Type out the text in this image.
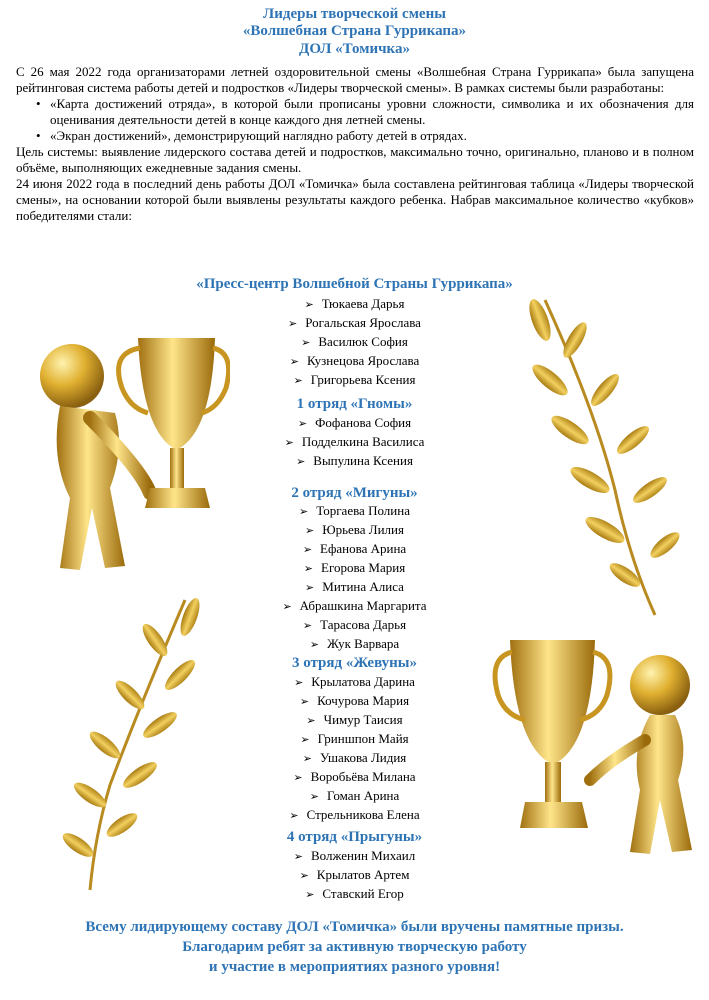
Лидеры творческой смены
«Волшебная Страна Гуррикапа»
ДОЛ «Томичка»

С 26 мая 2022 года организаторами летней оздоровительной смены «Волшебная Страна Гуррикапа» была запущена рейтинговая система работы детей и подростков «Лидеры творческой смены». В рамках системы были разработаны:

• «Карта достижений отряда», в которой были прописаны уровни сложности, символика и их обозначения для оценивания деятельности детей в конце каждого дня летней смены.
• «Экран достижений», демонстрирующий наглядно работу детей в отрядах.

Цель системы: выявление лидерского состава детей и подростков, максимально точно, оригинально, планово и в полном объёме, выполняющих ежедневные задания смены.

24 июня 2022 года в последний день работы ДОЛ «Томичка» была составлена рейтинговая таблица «Лидеры творческой смены», на основании которой были выявлены результаты каждого ребенка. Набрав максимальное количество «кубков» победителями стали:

«Пресс-центр Волшебной Страны Гуррикапа»
➢ Тюкаева Дарья
➢ Рогальская Ярослава
➢ Василюк София
➢ Кузнецова Ярослава
➢ Григорьева Ксения
1 отряд «Гномы»
➢ Фофанова София
➢ Подделкина Василиса
➢ Выпулина Ксения
2 отряд «Мигуны»
➢ Торгаева Полина
➢ Юрьева Лилия
➢ Ефанова Арина
➢ Егорова Мария
➢ Митина Алиса
➢ Абрашкина Маргарита
➢ Тарасова Дарья
➢ Жук Варвара
3 отряд «Жевуны»
➢ Крылатова Дарина
➢ Кочурова Мария
➢ Чимур Таисия
➢ Гриншпон Майя
➢ Ушакова Лидия
➢ Воробьёва Милана
➢ Гоман Арина
➢ Стрельникова Елена
4 отряд «Прыгуны»
➢ Волженин Михаил
➢ Крылатов Артем
➢ Ставский Егор
Всему лидирующему составу ДОЛ «Томичка» были вручены памятные призы.
Благодарим ребят за активную творческую работу
и участие в мероприятиях разного уровня!
